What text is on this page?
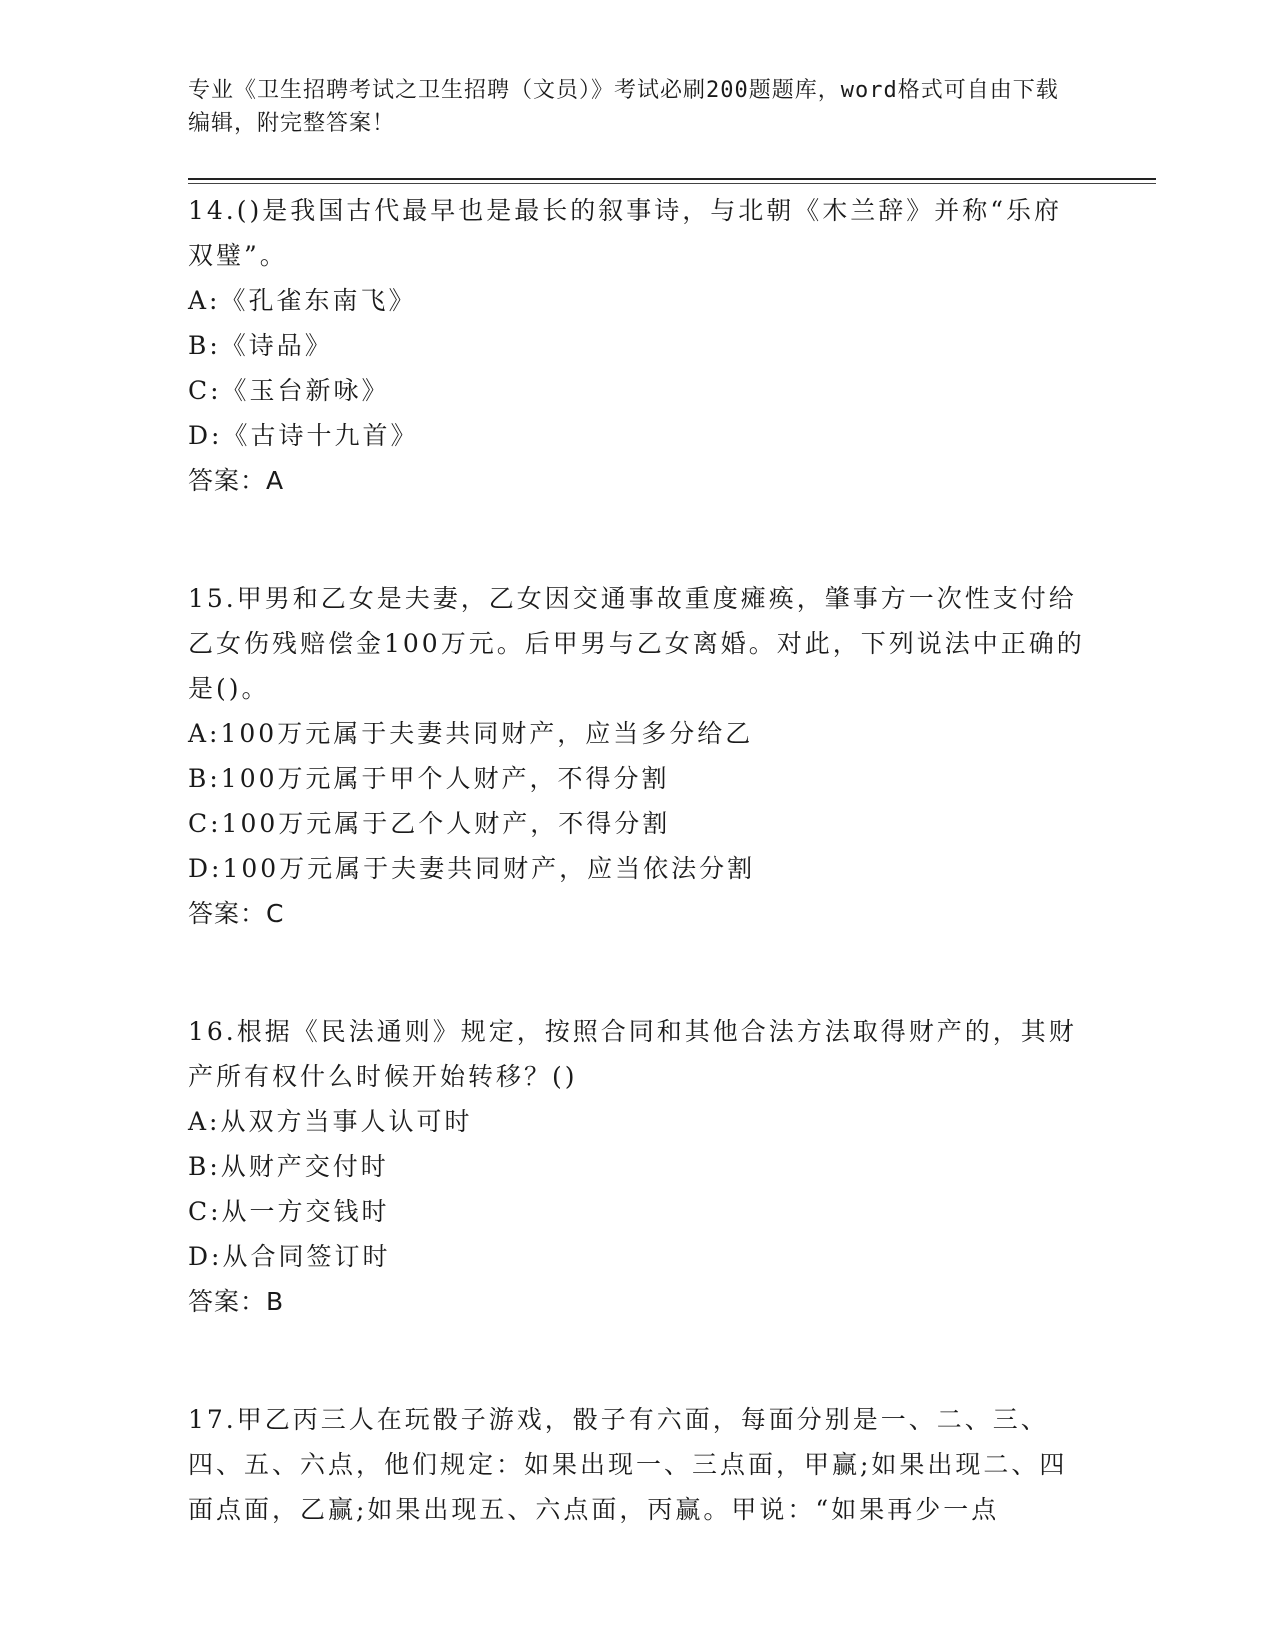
专业《卫生招聘考试之卫生招聘（文员）》考试必刷200题题库，word格式可自由下载编辑，附完整答案！

14.()是我国古代最早也是最长的叙事诗，与北朝《木兰辞》并称“乐府双璧”。

A:《孔雀东南飞》

B:《诗品》

C:《玉台新咏》

D:《古诗十九首》

答案：A

15.甲男和乙女是夫妻，乙女因交通事故重度瘫痪，肇事方一次性支付给乙女伤残赔偿金100万元。后甲男与乙女离婚。对此，下列说法中正确的是()。

A:100万元属于夫妻共同财产，应当多分给乙

B:100万元属于甲个人财产，不得分割

C:100万元属于乙个人财产，不得分割

D:100万元属于夫妻共同财产，应当依法分割

答案：C

16.根据《民法通则》规定，按照合同和其他合法方法取得财产的，其财产所有权什么时候开始转移？()

A:从双方当事人认可时

B:从财产交付时

C:从一方交钱时

D:从合同签订时

答案：B

17.甲乙丙三人在玩骰子游戏，骰子有六面，每面分别是一、二、三、四、五、六点，他们规定：如果出现一、三点面，甲赢;如果出现二、四面点面，乙赢;如果出现五、六点面，丙赢。甲说：“如果再少一点
